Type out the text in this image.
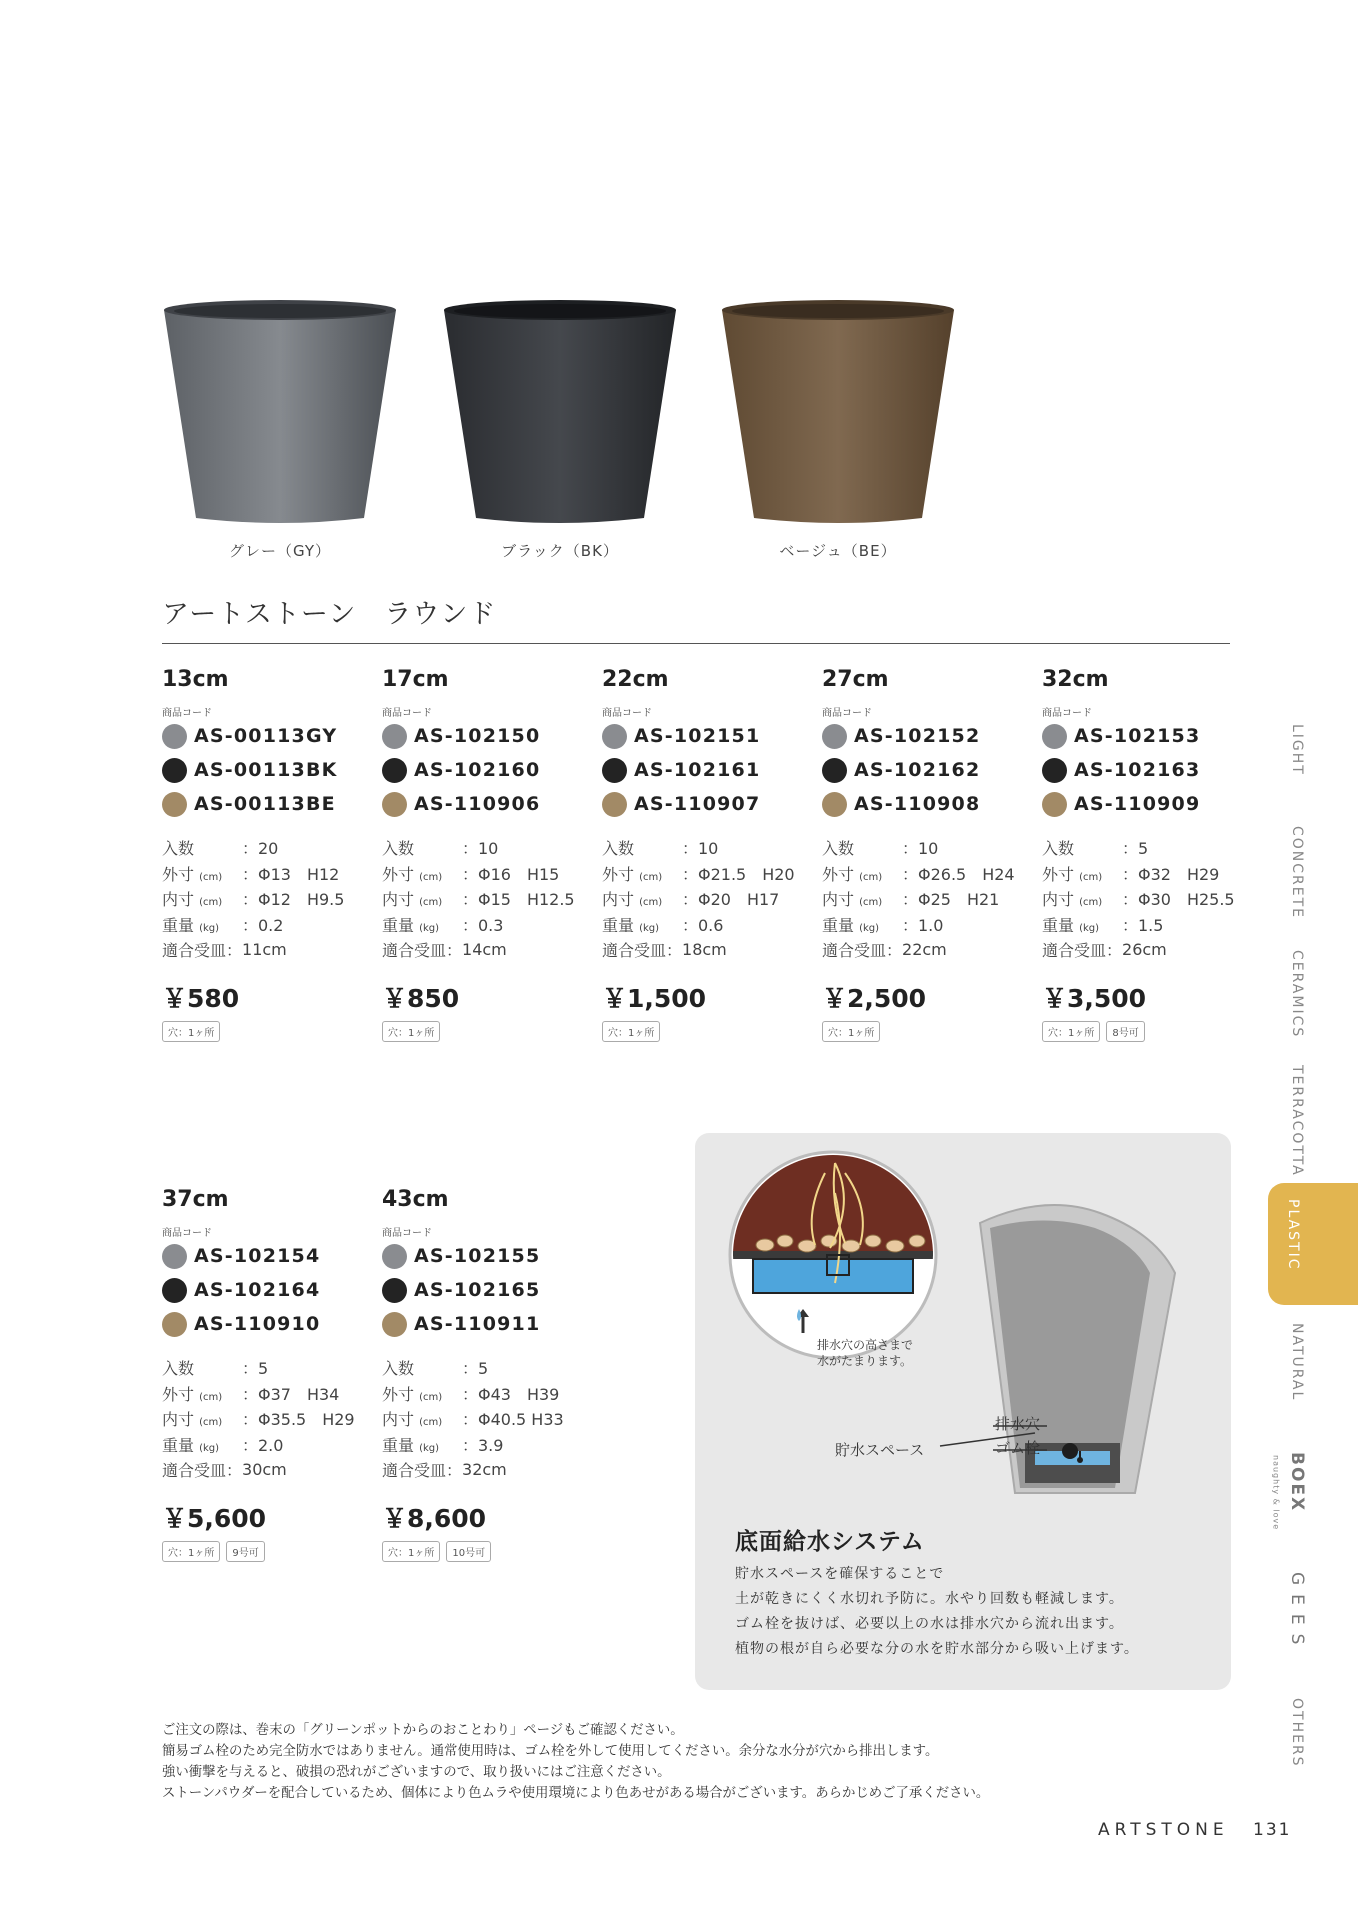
グレー（GY）	ブラック（BK）	ベージュ（BE）
アートストーン　ラウンド
13cm
商品コード
AS-00113GY
AS-00113BK
AS-00113BE
入数	：20
外寸 (cm)	：Φ13　H12
内寸 (cm)	：Φ12　H9.5
重量 (kg)	：0.2
適合受皿： 11cm
￥580
穴：1ヶ所
17cm
商品コード
AS-102150
AS-102160
AS-110906
入数	：10
外寸 (cm)	：Φ16　H15
内寸 (cm)	：Φ15　H12.5
重量 (kg)	：0.3
適合受皿： 14cm
￥850
穴：1ヶ所
22cm
商品コード
AS-102151
AS-102161
AS-110907
入数	：10
外寸 (cm)	：Φ21.5　H20
内寸 (cm)	：Φ20　H17
重量 (kg)	：0.6
適合受皿： 18cm
￥1,500
穴：1ヶ所
27cm
商品コード
AS-102152
AS-102162
AS-110908
入数	：10
外寸 (cm)	：Φ26.5　H24
内寸 (cm)	：Φ25　H21
重量 (kg)	：1.0
適合受皿： 22cm
￥2,500
穴：1ヶ所
32cm
商品コード
AS-102153
AS-102163
AS-110909
入数	：5
外寸 (cm)	：Φ32　H29
内寸 (cm)	：Φ30　H25.5
重量 (kg)	：1.5
適合受皿： 26cm
￥3,500
穴：1ヶ所	8号可
37cm
商品コード
AS-102154
AS-102164
AS-110910
入数	：5
外寸 (cm)	：Φ37　H34
内寸 (cm)	：Φ35.5　H29
重量 (kg)	：2.0
適合受皿： 30cm
￥5,600
穴：1ヶ所	9号可
43cm
商品コード
AS-102155
AS-102165
AS-110911
入数	：5
外寸 (cm)	：Φ43　H39
内寸 (cm)	：Φ40.5 H33
重量 (kg)	：3.9
適合受皿： 32cm
￥8,600
穴：1ヶ所	10号可
排水穴の高さまで
水がたまります。
貯水スペース
排水穴
ゴム栓
底面給水システム
貯水スペースを確保することで
土が乾きにくく水切れ予防に。水やり回数も軽減します。
ゴム栓を抜けば、必要以上の水は排水穴から流れ出ます。
植物の根が自ら必要な分の水を貯水部分から吸い上げます。
ご注文の際は、巻末の「グリーンポットからのおことわり」ページもご確認ください。
簡易ゴム栓のため完全防水ではありません。通常使用時は、ゴム栓を外して使用してください。余分な水分が穴から排出します。
強い衝撃を与えると、破損の恐れがございますので、取り扱いにはご注意ください。
ストーンパウダーを配合しているため、個体により色ムラや使用環境により色あせがある場合がございます。あらかじめご了承ください。
LIGHT
CONCRETE
CERAMICS
TERRACOTTA
PLASTIC
NATURAL
BOEX
naughty & love
GEES
OTHERS
ARTSTONE 131
